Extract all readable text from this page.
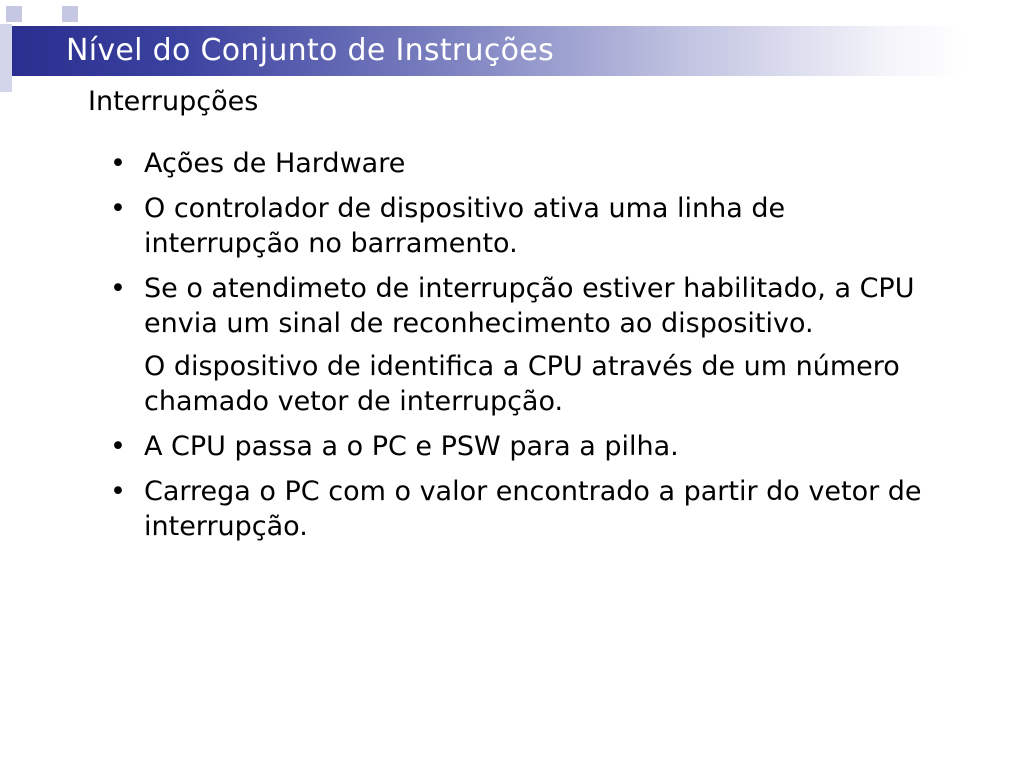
Nível do Conjunto de Instruções
Interrupções
• Ações de Hardware
• O controlador de dispositivo ativa uma linha de interrupção no barramento.
• Se o atendimeto de interrupção estiver habilitado, a CPU envia um sinal de reconhecimento ao dispositivo.
O dispositivo de identifica a CPU através de um número chamado vetor de interrupção.
• A CPU passa a o PC e PSW para a pilha.
• Carrega o PC com o valor encontrado a partir do vetor de interrupção.
